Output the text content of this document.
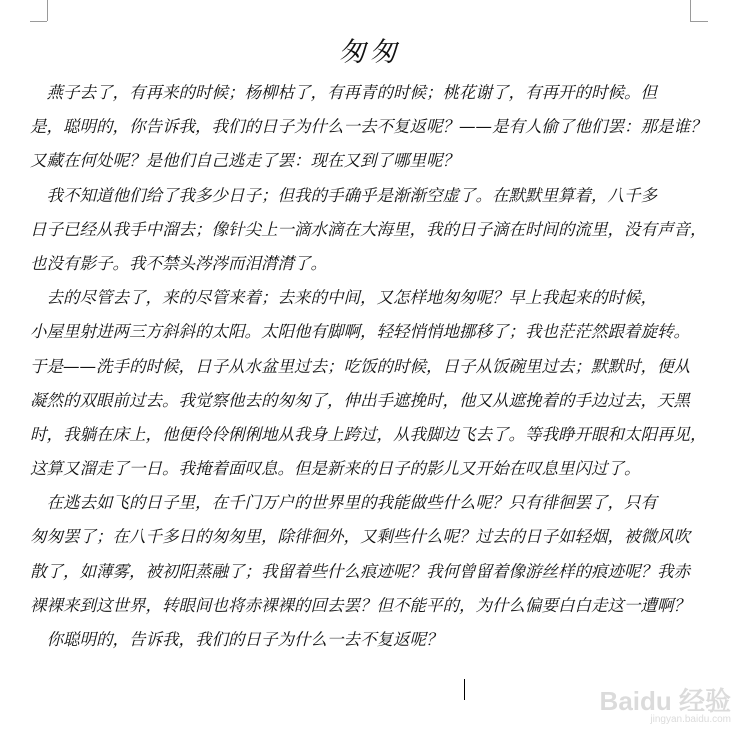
匆匆
　燕子去了，有再来的时候；杨柳枯了，有再青的时候；桃花谢了，有再开的时候。但
是，聪明的，你告诉我，我们的日子为什么一去不复返呢？——是有人偷了他们罢：那是谁？
又藏在何处呢？是他们自己逃走了罢：现在又到了哪里呢？
　我不知道他们给了我多少日子；但我的手确乎是渐渐空虚了。在默默里算着，八千多
日子已经从我手中溜去；像针尖上一滴水滴在大海里，我的日子滴在时间的流里，没有声音，
也没有影子。我不禁头涔涔而泪潸潸了。
　去的尽管去了，来的尽管来着；去来的中间，又怎样地匆匆呢？早上我起来的时候，
小屋里射进两三方斜斜的太阳。太阳他有脚啊，轻轻悄悄地挪移了；我也茫茫然跟着旋转。
于是——洗手的时候，日子从水盆里过去；吃饭的时候，日子从饭碗里过去；默默时，便从
凝然的双眼前过去。我觉察他去的匆匆了，伸出手遮挽时，他又从遮挽着的手边过去，天黑
时，我躺在床上，他便伶伶俐俐地从我身上跨过，从我脚边飞去了。等我睁开眼和太阳再见，
这算又溜走了一日。我掩着面叹息。但是新来的日子的影儿又开始在叹息里闪过了。
　在逃去如飞的日子里，在千门万户的世界里的我能做些什么呢？只有徘徊罢了，只有
匆匆罢了；在八千多日的匆匆里，除徘徊外，又剩些什么呢？过去的日子如轻烟，被微风吹
散了，如薄雾，被初阳蒸融了；我留着些什么痕迹呢？我何曾留着像游丝样的痕迹呢？我赤
裸裸来到这世界，转眼间也将赤裸裸的回去罢？但不能平的，为什么偏要白白走这一遭啊？
　你聪明的，告诉我，我们的日子为什么一去不复返呢？
Baidu 经验
jingyan.baidu.com
